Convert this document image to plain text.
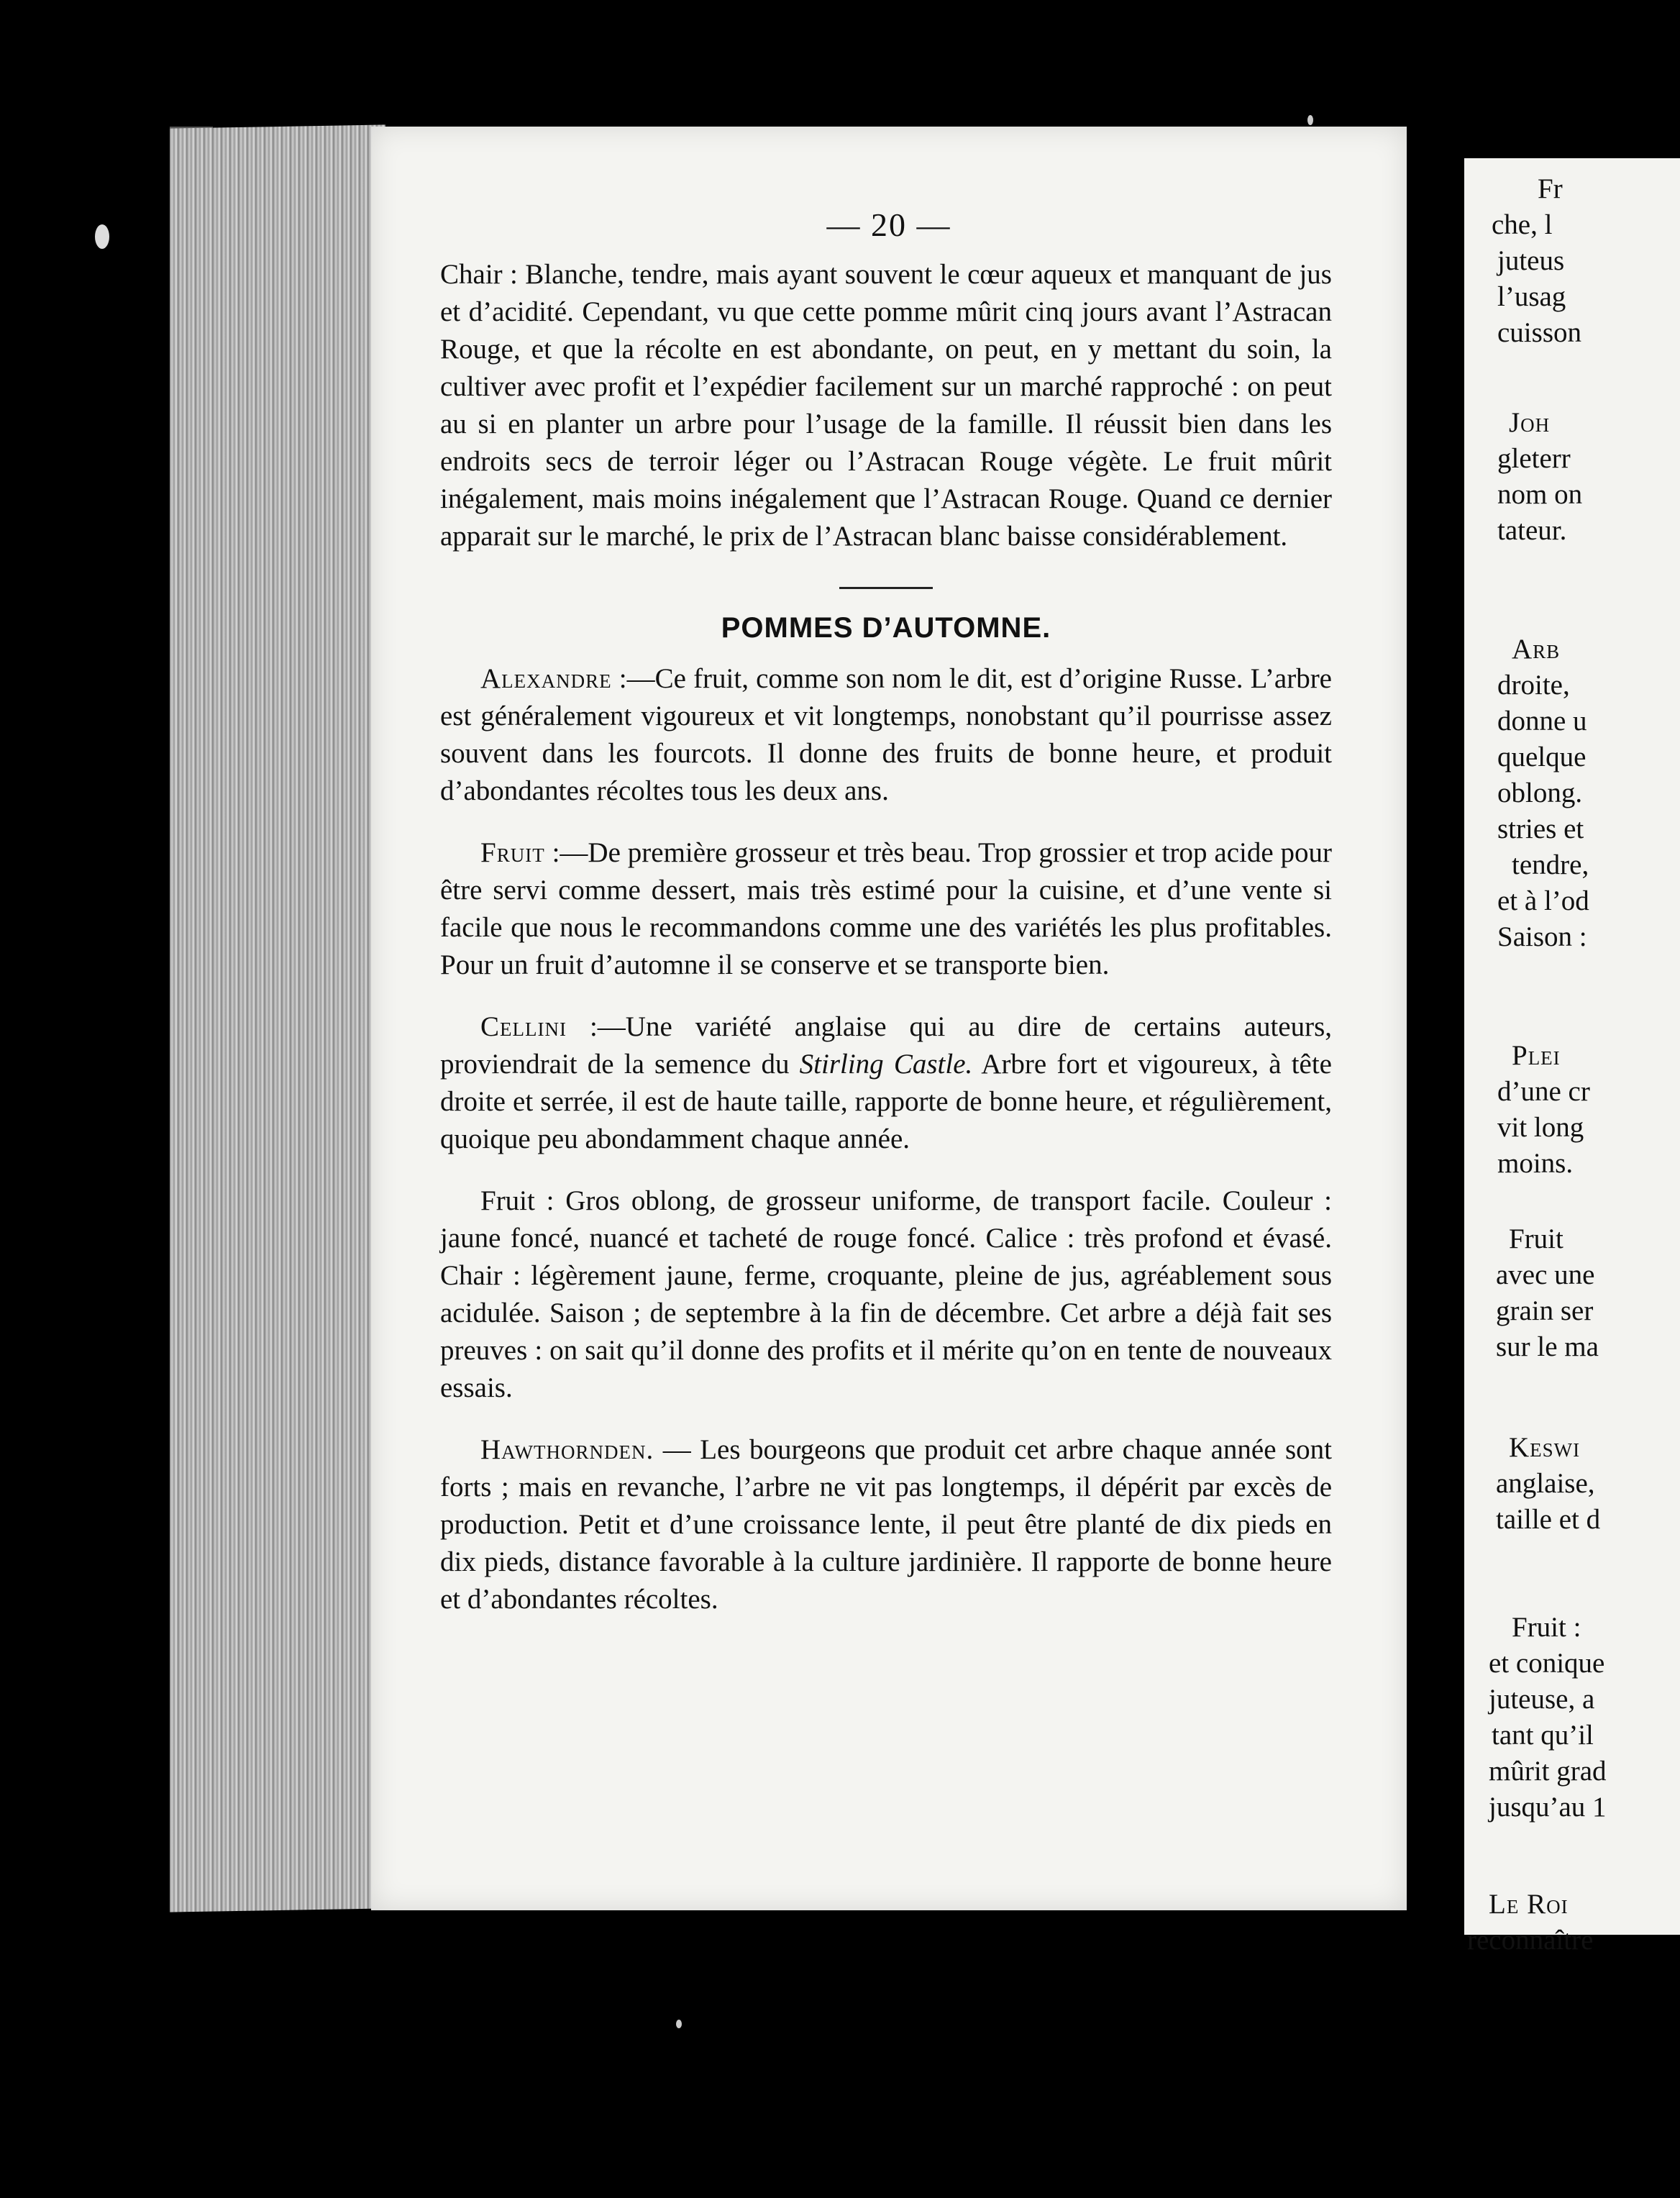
— 20 —

Chair : Blanche, tendre, mais ayant souvent le cœur aqueux et manquant de jus et d’acidité. Cependant, vu que cette pomme mûrit cinq jours avant l’Astracan Rouge, et que la récolte en est abondante, on peut, en y mettant du soin, la cultiver avec profit et l’expédier facilement sur un marché rapproché : on peut au si en planter un arbre pour l’usage de la famille. Il réussit bien dans les endroits secs de terroir léger ou l’Astracan Rouge végète. Le fruit mûrit inégalement, mais moins inégalement que l’Astracan Rouge. Quand ce dernier apparait sur le marché, le prix de l’Astracan blanc baisse considérablement.

POMMES D’AUTOMNE.

Alexandre :—Ce fruit, comme son nom le dit, est d’origine Russe. L’arbre est généralement vigoureux et vit longtemps, nonobstant qu’il pourrisse assez souvent dans les fourcots. Il donne des fruits de bonne heure, et produit d’abondantes récoltes tous les deux ans.

Fruit :—De première grosseur et très beau. Trop grossier et trop acide pour être servi comme dessert, mais très estimé pour la cuisine, et d’une vente si facile que nous le recommandons comme une des variétés les plus profitables. Pour un fruit d’automne il se conserve et se transporte bien.

Cellini :—Une variété anglaise qui au dire de certains auteurs, proviendrait de la semence du Stirling Castle. Arbre fort et vigoureux, à tête droite et serrée, il est de haute taille, rapporte de bonne heure, et régulièrement, quoique peu abondamment chaque année.

Fruit : Gros oblong, de grosseur uniforme, de transport facile. Couleur : jaune foncé, nuancé et tacheté de rouge foncé. Calice : très profond et évasé. Chair : légèrement jaune, ferme, croquante, pleine de jus, agréablement sous acidulée. Saison ; de septembre à la fin de décembre. Cet arbre a déjà fait ses preuves : on sait qu’il donne des profits et il mérite qu’on en tente de nouveaux essais.

Hawthornden. — Les bourgeons que produit cet arbre chaque année sont forts ; mais en revanche, l’arbre ne vit pas longtemps, il dépérit par excès de production. Petit et d’une croissance lente, il peut être planté de dix pieds en dix pieds, distance favorable à la culture jardinière. Il rapporte de bonne heure et d’abondantes récoltes.

Fr
che, l
juteus
l’usag
cuisson
Joh
gleterr
nom on
tateur.
Arb
droite,
donne u
quelque
oblong.
stries et
tendre,
et à l’od
Saison :
Plei
d’une cr
vit long
moins.
Fruit
avec une
grain ser
sur le ma
Keswi
anglaise,
taille et d
Fruit :
et conique
juteuse, a
tant qu’il
mûrit grad
jusqu’au 1
Le Roi
reconnaître
